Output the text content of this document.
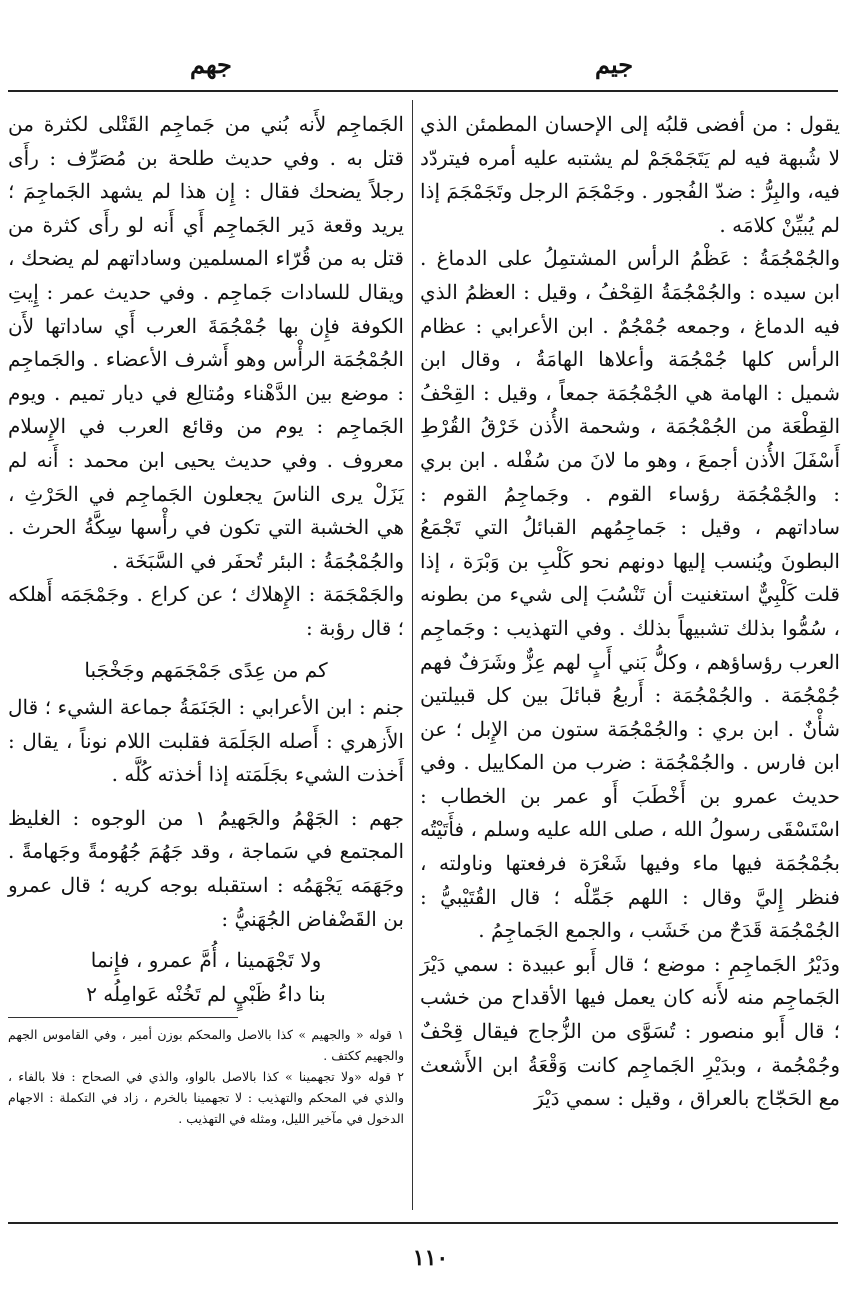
جيم
جهم

يقول : من أفضى قلبُه إلى الإحسان المطمئن الذي لا شُبهة فيه لم يَتَجَمْجَمْ لم يشتبه عليه أمره فيتردّد فيه، والبِرُّ : ضدّ الفُجور . وجَمْجَمَ الرجل وتَجَمْجَمَ إذا لم يُبيِّنْ كلامَه .

والجُمْجُمَةُ : عَظْمُ الرأس المشتمِلُ على الدماغ . ابن سيده : والجُمْجُمَةُ القِحْفُ ، وقيل : العظمُ الذي فيه الدماغ ، وجمعه جُمْجُمٌ . ابن الأعرابي : عظام الرأس كلها جُمْجُمَة وأعلاها الهامَةُ ، وقال ابن شميل : الهامة هي الجُمْجُمَة جمعاً ، وقيل : القِحْفُ القِطْعَة من الجُمْجُمَة ، وشحمة الأُذن خَرْقُ القُرْطِ أَسْفَلَ الأُذن أجمعَ ، وهو ما لانَ من سُفْله . ابن بري : والجُمْجُمَة رؤساء القوم . وجَماجِمُ القوم : ساداتهم ، وقيل : جَماجِمُهم القبائلُ التي تَجْمَعُ البطونَ ويُنسب إليها دونهم نحو كَلْبِ بن وَبْرَة ، إذا قلت كَلْبِيٌّ استغنيت أن تَنْسُبَ إلى شيء من بطونه ، سُمُّوا بذلك تشبيهاً بذلك . وفي التهذيب : وجَماجِم العرب رؤساؤهم ، وكلُّ بَني أَبٍ لهم عِزٌّ وشَرَفٌ فهم جُمْجُمَة . والجُمْجُمَة : أَربعُ قبائلَ بين كل قبيلتين شأْنٌ . ابن بري : والجُمْجُمَة ستون من الإِبل ؛ عن ابن فارس . والجُمْجُمَة : ضرب من المكاييل . وفي حديث عمرو بن أَخْطَبَ أَو عمر بن الخطاب : اسْتَسْقَى رسولُ الله ، صلى الله عليه وسلم ، فأَتَيْتُه بجُمْجُمَة فيها ماء وفيها شَعْرَة فرفعتها وناولته ، فنظر إِليَّ وقال : اللهم جَمِّلْه ؛ قال القُتَيْبيُّ : الجُمْجُمَة قَدَحٌ من خَشَب ، والجمع الجَماجِمُ .

ودَيْرُ الجَماجِمِ : موضع ؛ قال أَبو عبيدة : سمي دَيْرَ الجَماجِم منه لأَنه كان يعمل فيها الأقداح من خشب ؛ قال أَبو منصور : تُسَوَّى من الزُّجاج فيقال قِحْفٌ وجُمْجُمة ، وبدَيْرِ الجَماجِم كانت وَقْعَةُ ابن الأَشعث مع الحَجّاج بالعراق ، وقيل : سمي دَيْرَ

الجَماجِم لأَنه بُني من جَماجِم القَتْلى لكثرة من قتل به . وفي حديث طلحة بن مُصَرِّف : رأَى رجلاً يضحك فقال : إِن هذا لم يشهد الجَماجِمَ ؛ يريد وقعة دَير الجَماجِم أَي أَنه لو رأَى كثرة من قتل به من قُرّاء المسلمين وساداتهم لم يضحك ، ويقال للسادات جَماجِم . وفي حديث عمر : إِيتِ الكوفة فإِن بها جُمْجُمَةَ العرب أَي ساداتها لأَن الجُمْجُمَة الرأْس وهو أَشرف الأعضاء . والجَماجِم : موضع بين الدَّهْناء ومُتالِع في ديار تميم . ويوم الجَماجِم : يوم من وقائع العرب في الإِسلام معروف . وفي حديث يحيى ابن محمد : أَنه لم يَزَلْ يرى الناسَ يجعلون الجَماجِم في الحَرْثِ ، هي الخشبة التي تكون في رأْسها سِكَّةُ الحرث . والجُمْجُمَةُ : البئر تُحفَر في السَّبَخَة .

والجَمْجَمَة : الإِهلاك ؛ عن كراع . وجَمْجَمَه أَهلكه ؛ قال رؤبة :

كم من عِدًى جَمْجَمَهم وجَخْجَبا

جنم : ابن الأعرابي : الجَنَمَةُ جماعة الشيء ؛ قال الأَزهري : أَصله الجَلَمَة فقلبت اللام نوناً ، يقال : أَخذت الشيء بجَلَمَته إذا أخذته كُلَّه .

جهم : الجَهْمُ والجَهيمُ ١ من الوجوه : الغليظ المجتمع في سَماجة ، وقد جَهُمَ جُهُومةً وجَهامةً . وجَهَمَه يَجْهَمُه : استقبله بوجه كريه ؛ قال عمرو بن القَضْفاض الجُهَنيُّ :

ولا تَجْهَمينا ، أُمَّ عمرو ، فإِنما
بنا داءُ ظَبْيٍ لم تَخُنْه عَوامِلُه ٢

١ قوله « والجهيم » كذا بالاصل والمحكم بوزن أمير ، وفي القاموس الجهم والجهيم ككتف .

٢ قوله «ولا تجهمينا » كذا بالاصل بالواو، والذي في الصحاح : فلا بالفاء ، والذي في المحكم والتهذيب : لا تجهمينا بالخرم ، زاد في التكملة : الاجهام الدخول في مآخير الليل، ومثله في التهذيب .

١١٠
